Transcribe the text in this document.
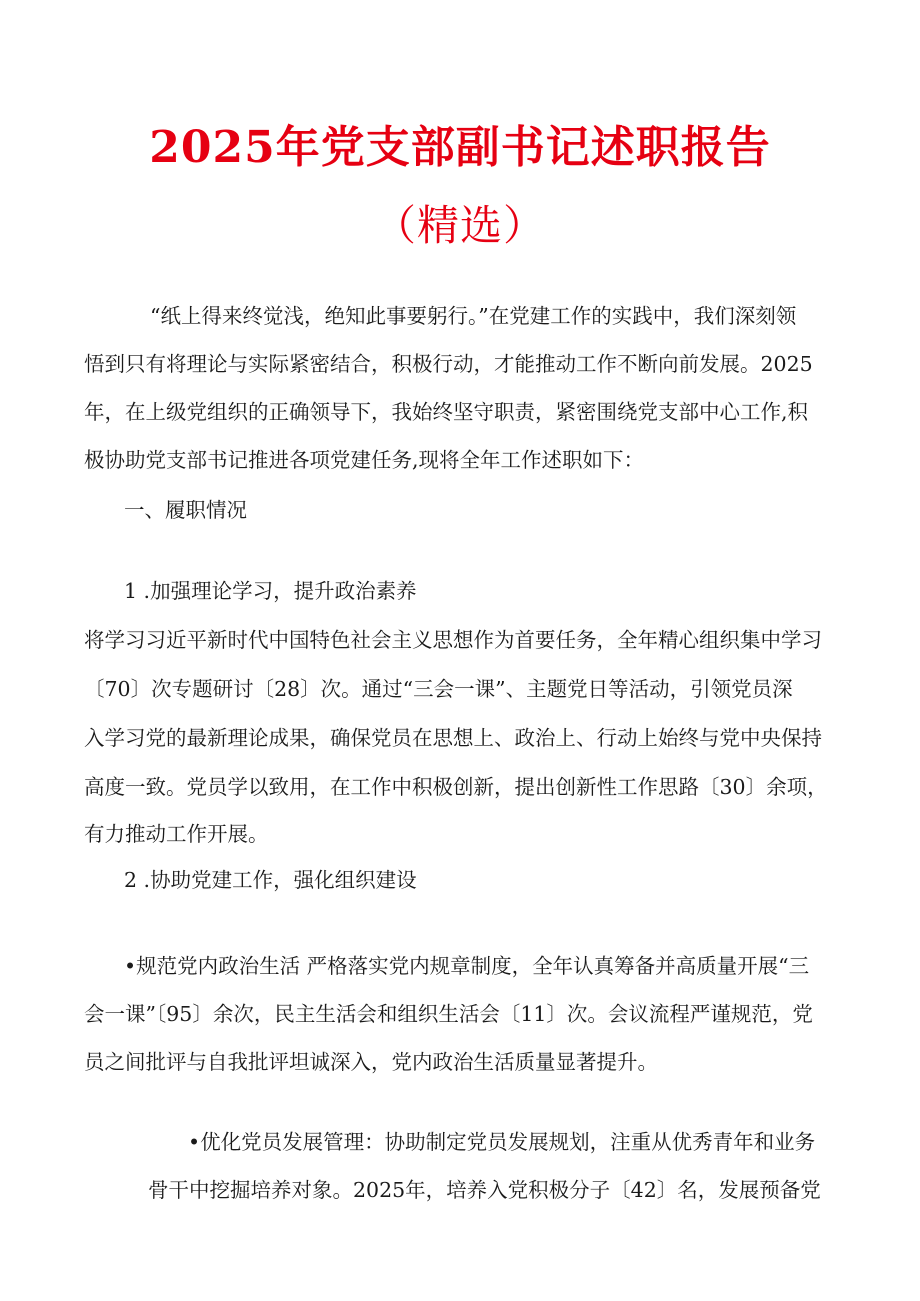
2025年党支部副书记述职报告
（精选）
“纸上得来终觉浅，绝知此事要躬行。”在党建工作的实践中，我们深刻领
悟到只有将理论与实际紧密结合，积极行动，才能推动工作不断向前发展。2025
年，在上级党组织的正确领导下，我始终坚守职责，紧密围绕党支部中心工作,积
极协助党支部书记推进各项党建任务,现将全年工作述职如下：
一、履职情况
1 .加强理论学习，提升政治素养
将学习习近平新时代中国特色社会主义思想作为首要任务，全年精心组织集中学习
〔70〕次专题研讨〔28〕次。通过“三会一课”、主题党日等活动，引领党员深
入学习党的最新理论成果，确保党员在思想上、政治上、行动上始终与党中央保持
高度一致。党员学以致用，在工作中积极创新，提出创新性工作思路〔30〕余项，
有力推动工作开展。
2 .协助党建工作，强化组织建设
•规范党内政治生活 严格落实党内规章制度，全年认真筹备并高质量开展“三
会一课”〔95〕余次，民主生活会和组织生活会〔11〕次。会议流程严谨规范，党
员之间批评与自我批评坦诚深入，党内政治生活质量显著提升。
•优化党员发展管理：协助制定党员发展规划，注重从优秀青年和业务
骨干中挖掘培养对象。2025年，培养入党积极分子〔42〕名，发展预备党
